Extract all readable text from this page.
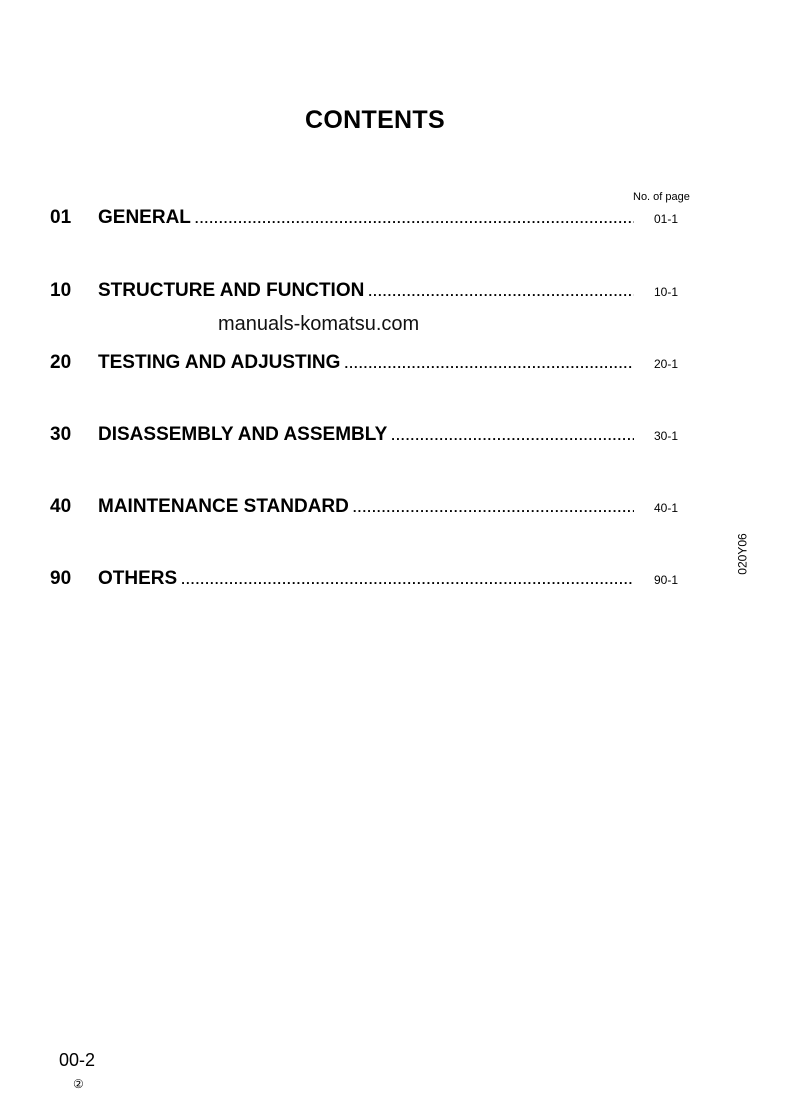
CONTENTS
No. of page
01	GENERAL .....	01-1
10	STRUCTURE AND FUNCTION .....	10-1
manuals-komatsu.com
20	TESTING AND ADJUSTING .....	20-1
30	DISASSEMBLY AND ASSEMBLY .....	30-1
40	MAINTENANCE STANDARD .....	40-1
90	OTHERS .....	90-1
020Y06
00-2
②
